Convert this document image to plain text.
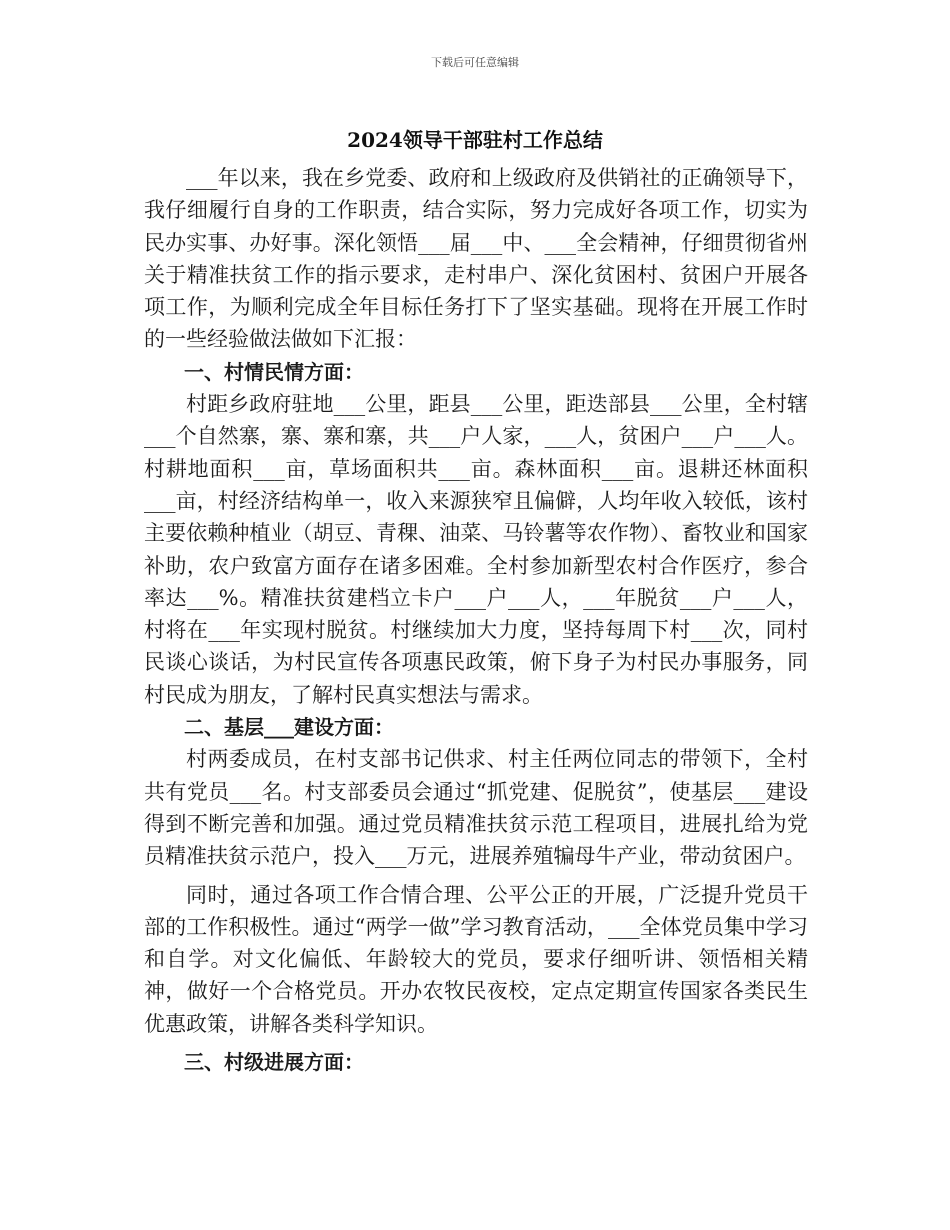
下载后可任意编辑
2024领导干部驻村工作总结

___年以来，我在乡党委、政府和上级政府及供销社的正确领导下，我仔细履行自身的工作职责，结合实际，努力完成好各项工作，切实为民办实事、办好事。深化领悟___届___中、___全会精神，仔细贯彻省州关于精准扶贫工作的指示要求，走村串户、深化贫困村、贫困户开展各项工作，为顺利完成全年目标任务打下了坚实基础。现将在开展工作时的一些经验做法做如下汇报：

一、村情民情方面：

村距乡政府驻地___公里，距县___公里，距迭部县___公里，全村辖___个自然寨，寨、寨和寨，共___户人家，___人，贫困户___户___人。村耕地面积___亩，草场面积共___亩。森林面积___亩。退耕还林面积___亩，村经济结构单一，收入来源狭窄且偏僻，人均年收入较低，该村主要依赖种植业（胡豆、青稞、油菜、马铃薯等农作物）、畜牧业和国家补助，农户致富方面存在诸多困难。全村参加新型农村合作医疗，参合率达___%。精准扶贫建档立卡户___户___人，___年脱贫___户___人，村将在___年实现村脱贫。村继续加大力度，坚持每周下村___次，同村民谈心谈话，为村民宣传各项惠民政策，俯下身子为村民办事服务，同村民成为朋友，了解村民真实想法与需求。

二、基层___建设方面：

村两委成员，在村支部书记供求、村主任两位同志的带领下，全村共有党员___名。村支部委员会通过“抓党建、促脱贫”，使基层___建设得到不断完善和加强。通过党员精准扶贫示范工程项目，进展扎给为党员精准扶贫示范户，投入___万元，进展养殖犏母牛产业，带动贫困户。

同时，通过各项工作合情合理、公平公正的开展，广泛提升党员干部的工作积极性。通过“两学一做”学习教育活动，___全体党员集中学习和自学。对文化偏低、年龄较大的党员，要求仔细听讲、领悟相关精神，做好一个合格党员。开办农牧民夜校，定点定期宣传国家各类民生优惠政策，讲解各类科学知识。

三、村级进展方面：
